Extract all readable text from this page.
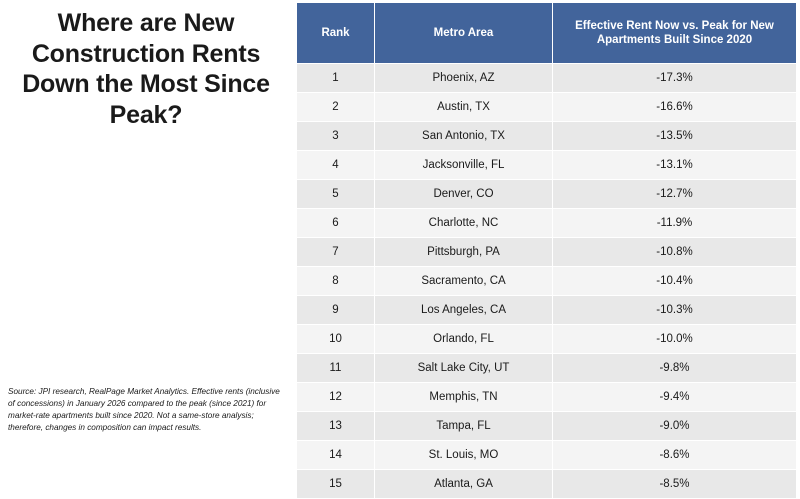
Where are New Construction Rents Down the Most Since Peak?
Source: JPI research, RealPage Market Analytics. Effective rents (inclusive of concessions) in January 2026 compared to the peak (since 2021) for market-rate apartments built since 2020. Not a same-store analysis; therefore, changes in composition can impact results.
Rank	Metro Area	Effective Rent Now vs. Peak for New Apartments Built Since 2020
1	Phoenix, AZ	-17.3%
2	Austin, TX	-16.6%
3	San Antonio, TX	-13.5%
4	Jacksonville, FL	-13.1%
5	Denver, CO	-12.7%
6	Charlotte, NC	-11.9%
7	Pittsburgh, PA	-10.8%
8	Sacramento, CA	-10.4%
9	Los Angeles, CA	-10.3%
10	Orlando, FL	-10.0%
11	Salt Lake City, UT	-9.8%
12	Memphis, TN	-9.4%
13	Tampa, FL	-9.0%
14	St. Louis, MO	-8.6%
15	Atlanta, GA	-8.5%
